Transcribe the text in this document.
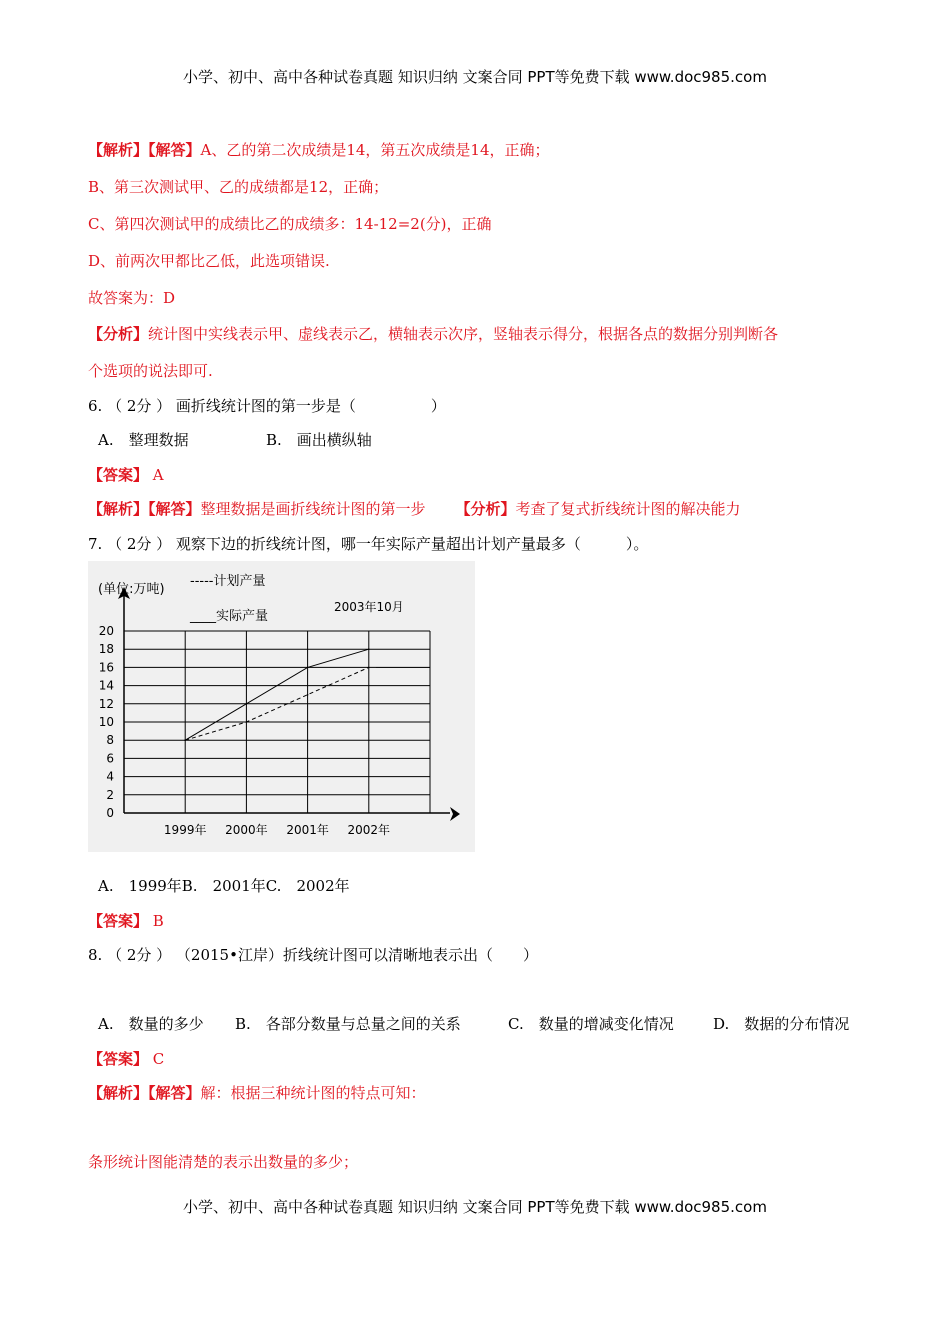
小学、初中、高中各种试卷真题 知识归纳 文案合同 PPT等免费下载 www.doc985.com
【解析】【解答】A、乙的第二次成绩是14，第五次成绩是14，正确；
B、第三次测试甲、乙的成绩都是12，正确；
C、第四次测试甲的成绩比乙的成绩多：14-12=2(分)，正确
D、前两次甲都比乙低，此选项错误.
故答案为：D
【分析】统计图中实线表示甲、虚线表示乙，横轴表示次序，竖轴表示得分，根据各点的数据分别判断各
个选项的说法即可.
6. （ 2分 ） 画折线统计图的第一步是（　　　　　）
A.　整理数据	B.　画出横纵轴
【答案】 A
【解析】【解答】整理数据是画折线统计图的第一步 【分析】考查了复式折线统计图的解决能力
7. （ 2分 ） 观察下边的折线统计图，哪一年实际产量超出计划产量最多（　　　）。
0
2
4
6
8
10
12
14
16
18
20
1999年 2000年 2001年 2002年
(单位:万吨)
-----计划产量
____实际产量
2003年10月
A.　1999年B.　2001年C.　2002年
【答案】 B
8. （ 2分 ） （2015•江岸）折线统计图可以清晰地表示出（　　）
A.　数量的多少 B.　各部分数量与总量之间的关系	C.　数量的增减变化情况	D.　数据的分布情况
【答案】 C
【解析】【解答】解：根据三种统计图的特点可知：
条形统计图能清楚的表示出数量的多少；
小学、初中、高中各种试卷真题 知识归纳 文案合同 PPT等免费下载 www.doc985.com
